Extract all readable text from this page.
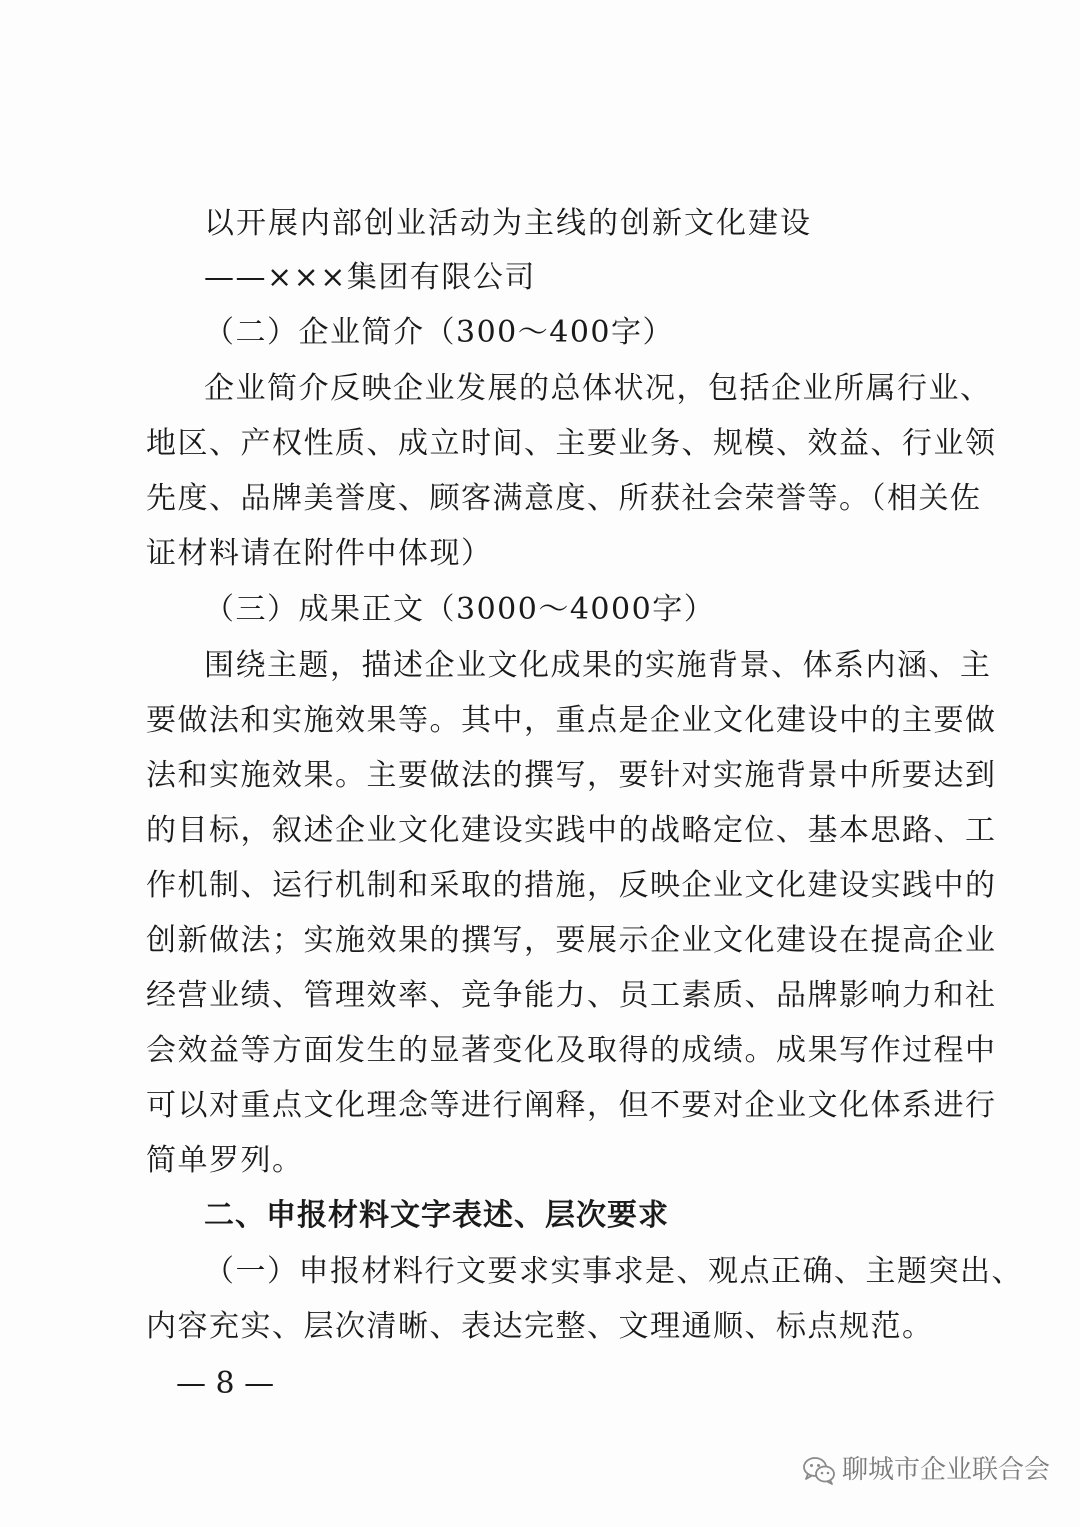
以开展内部创业活动为主线的创新文化建设
——×××集团有限公司
（二）企业简介（300～400字）
企业简介反映企业发展的总体状况，包括企业所属行业、
地区、产权性质、成立时间、主要业务、规模、效益、行业领
先度、品牌美誉度、顾客满意度、所获社会荣誉等。（相关佐
证材料请在附件中体现）
（三）成果正文（3000～4000字）
围绕主题，描述企业文化成果的实施背景、体系内涵、主
要做法和实施效果等。其中，重点是企业文化建设中的主要做
法和实施效果。主要做法的撰写，要针对实施背景中所要达到
的目标，叙述企业文化建设实践中的战略定位、基本思路、工
作机制、运行机制和采取的措施，反映企业文化建设实践中的
创新做法；实施效果的撰写，要展示企业文化建设在提高企业
经营业绩、管理效率、竞争能力、员工素质、品牌影响力和社
会效益等方面发生的显著变化及取得的成绩。成果写作过程中
可以对重点文化理念等进行阐释，但不要对企业文化体系进行
简单罗列。
二、申报材料文字表述、层次要求
（一）申报材料行文要求实事求是、观点正确、主题突出、
内容充实、层次清晰、表达完整、文理通顺、标点规范。
— 8 —
聊城市企业联合会
